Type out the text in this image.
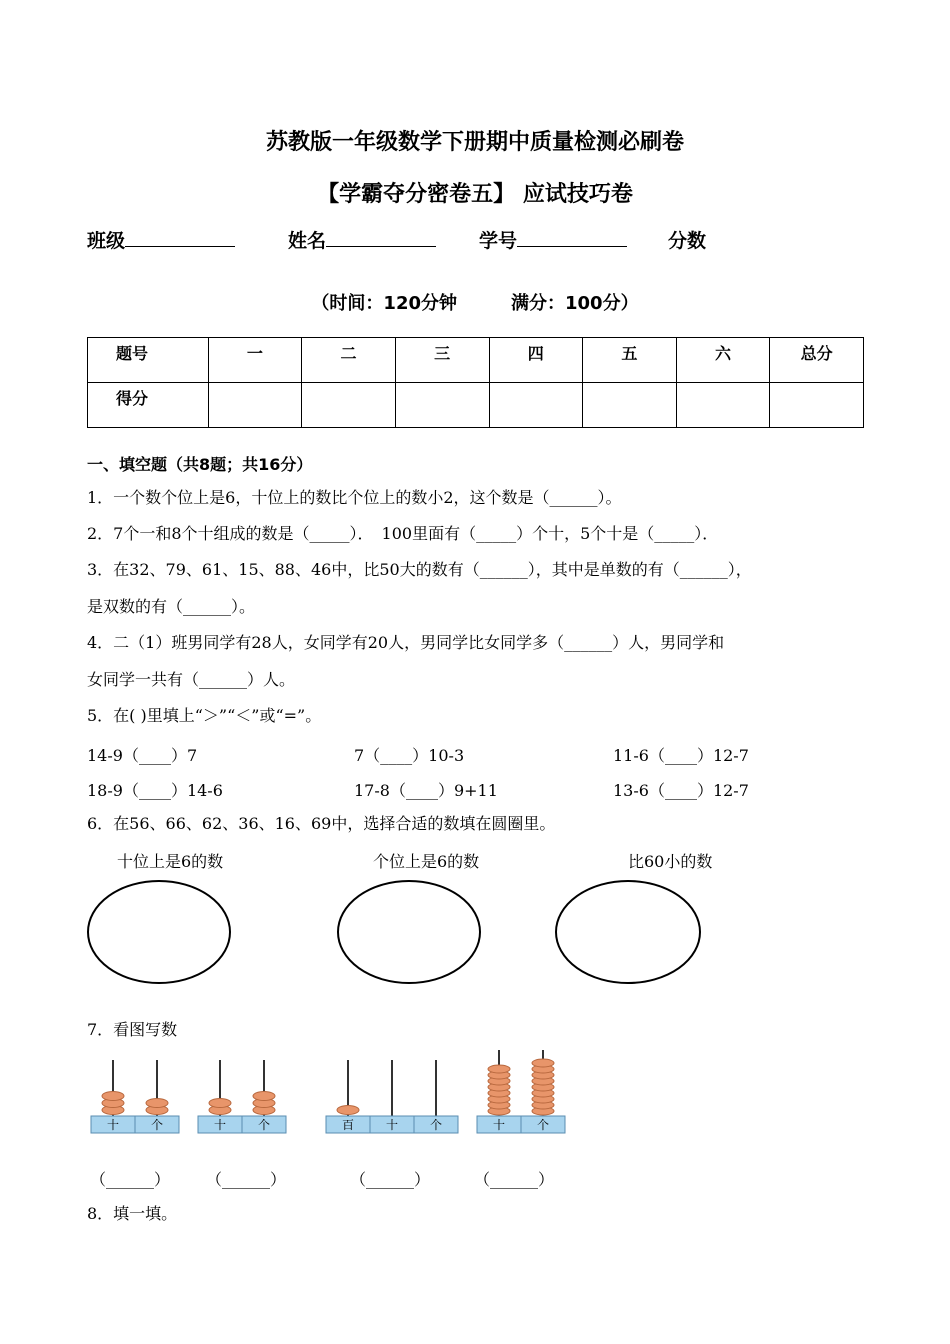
苏教版一年级数学下册期中质量检测必刷卷
【学霸夺分密卷五】 应试技巧卷
班级	姓名	学号	分数
（时间：120分钟　　　满分：100分）
题号	一	二	三	四	五	六	总分
得分							
一、填空题（共8题；共16分）
1．一个数个位上是6，十位上的数比个位上的数小2，这个数是（______）。
2．7个一和8个十组成的数是（_____）．　100里面有（_____）个十，5个十是（_____）．
3．在32、79、61、15、88、46中，比50大的数有（______），其中是单数的有（______），
是双数的有（______）。
4．二（1）班男同学有28人，女同学有20人，男同学比女同学多（______）人，男同学和
女同学一共有（______）人。
5．在( )里填上“＞”“＜”或“=”。
14-9（____）7	7（____）10-3	11-6（____）12-7
18-9（____）14-6	17-8（____）9+11	13-6（____）12-7
6．在56、66、62、36、16、69中，选择合适的数填在圆圈里。
十位上是6的数	个位上是6的数	比60小的数
7．看图写数
十	个	十	个	百	十	个	十	个
（______） （______）	（______）	（______）
8．填一填。
